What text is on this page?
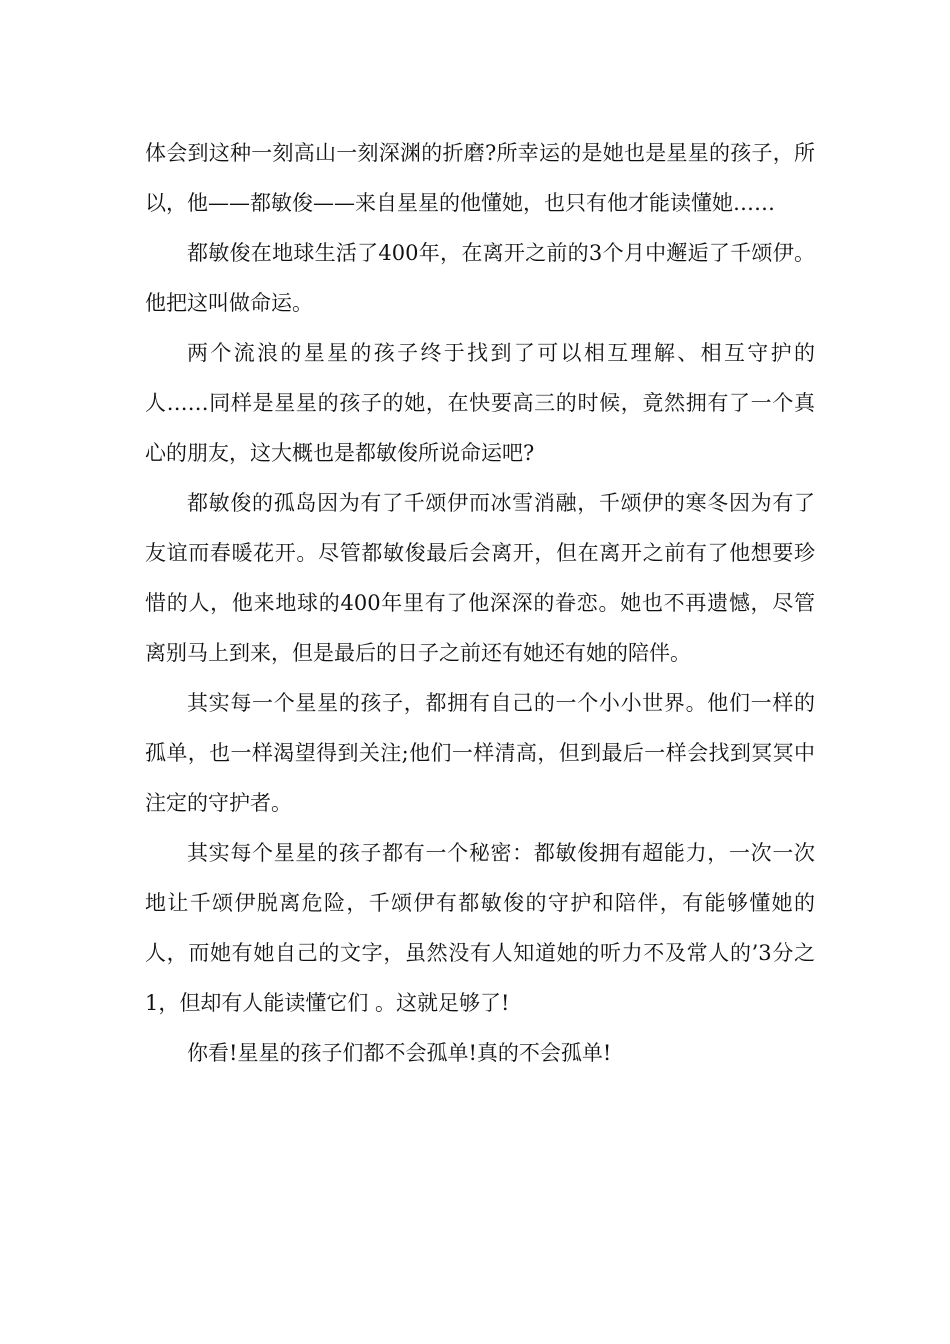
体会到这种一刻高山一刻深渊的折磨?所幸运的是她也是星星的孩子，所以，他——都敏俊——来自星星的他懂她，也只有他才能读懂她……

都敏俊在地球生活了400年，在离开之前的3个月中邂逅了千颂伊。他把这叫做命运。

两个流浪的星星的孩子终于找到了可以相互理解、相互守护的人……同样是星星的孩子的她，在快要高三的时候，竟然拥有了一个真心的朋友，这大概也是都敏俊所说命运吧?

都敏俊的孤岛因为有了千颂伊而冰雪消融，千颂伊的寒冬因为有了友谊而春暖花开。尽管都敏俊最后会离开，但在离开之前有了他想要珍惜的人，他来地球的400年里有了他深深的眷恋。她也不再遗憾，尽管离别马上到来，但是最后的日子之前还有她还有她的陪伴。

其实每一个星星的孩子，都拥有自己的一个小小世界。他们一样的孤单，也一样渴望得到关注;他们一样清高，但到最后一样会找到冥冥中注定的守护者。

其实每个星星的孩子都有一个秘密：都敏俊拥有超能力，一次一次地让千颂伊脱离危险，千颂伊有都敏俊的守护和陪伴，有能够懂她的人，而她有她自己的文字，虽然没有人知道她的听力不及常人的’3分之1，但却有人能读懂它们 。这就足够了!

你看!星星的孩子们都不会孤单!真的不会孤单!
